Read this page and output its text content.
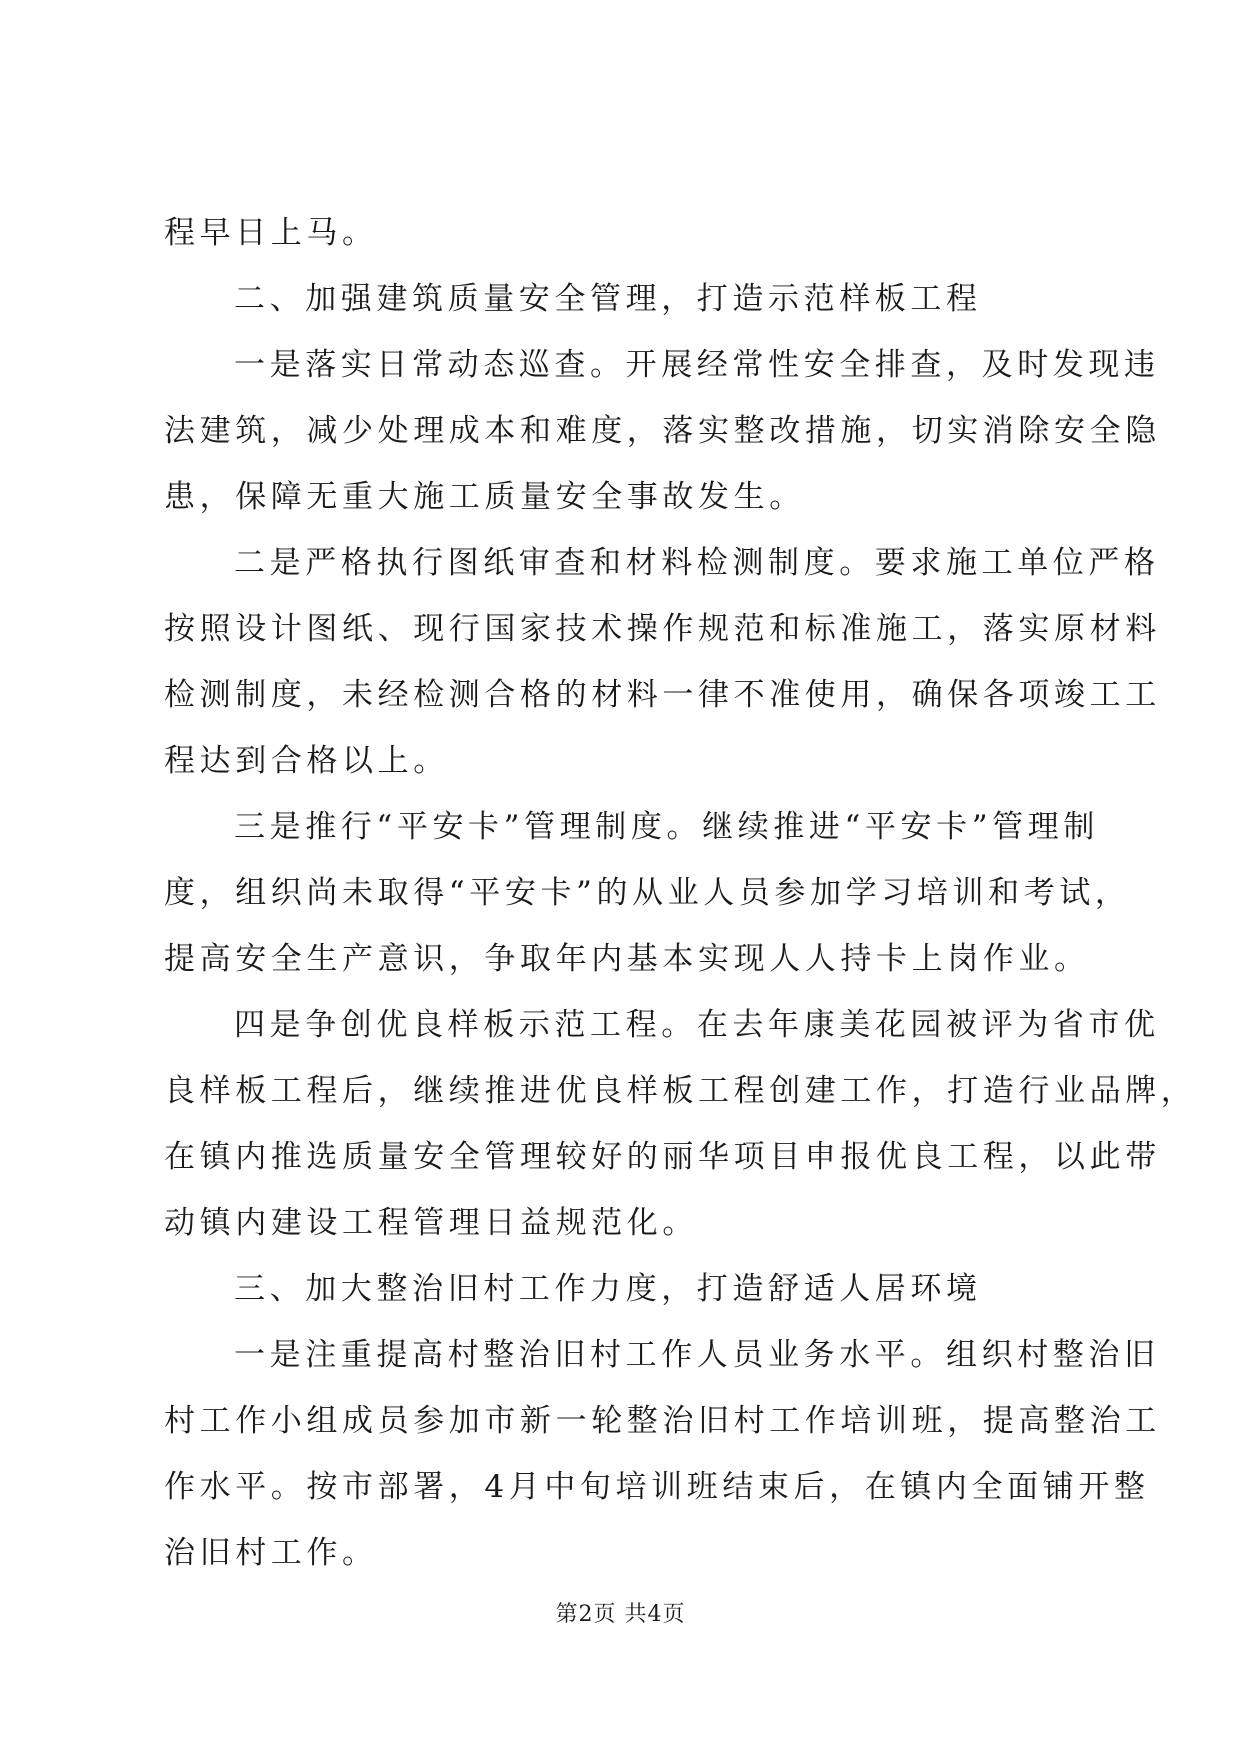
程早日上马。
二、加强建筑质量安全管理，打造示范样板工程
一是落实日常动态巡查。开展经常性安全排查，及时发现违
法建筑，减少处理成本和难度，落实整改措施，切实消除安全隐
患，保障无重大施工质量安全事故发生。
二是严格执行图纸审查和材料检测制度。要求施工单位严格
按照设计图纸、现行国家技术操作规范和标准施工，落实原材料
检测制度，未经检测合格的材料一律不准使用，确保各项竣工工
程达到合格以上。
三是推行“平安卡”管理制度。继续推进“平安卡”管理制
度，组织尚未取得“平安卡”的从业人员参加学习培训和考试，
提高安全生产意识，争取年内基本实现人人持卡上岗作业。
四是争创优良样板示范工程。在去年康美花园被评为省市优
良样板工程后，继续推进优良样板工程创建工作，打造行业品牌，
在镇内推选质量安全管理较好的丽华项目申报优良工程，以此带
动镇内建设工程管理日益规范化。
三、加大整治旧村工作力度，打造舒适人居环境
一是注重提高村整治旧村工作人员业务水平。组织村整治旧
村工作小组成员参加市新一轮整治旧村工作培训班，提高整治工
作水平。按市部署，4月中旬培训班结束后，在镇内全面铺开整
治旧村工作。
第2页 共4页
